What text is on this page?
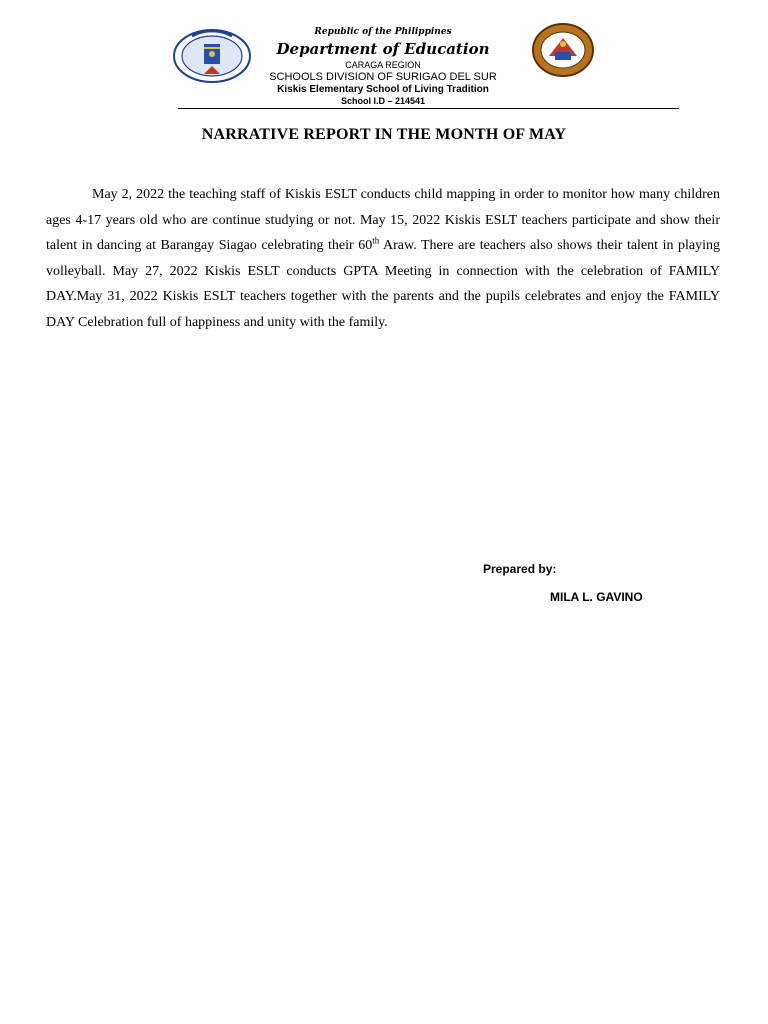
Republic of the Philippines
Department of Education
CARAGA REGION
SCHOOLS DIVISION OF SURIGAO DEL SUR
Kiskis Elementary School of Living Tradition
School I.D – 214541
NARRATIVE REPORT IN THE MONTH OF MAY

May 2, 2022 the teaching staff of Kiskis ESLT conducts child mapping in order to monitor how many children ages 4-17 years old who are continue studying or not. May 15, 2022 Kiskis ESLT teachers participate and show their talent in dancing at Barangay Siagao celebrating their 60th Araw. There are teachers also shows their talent in playing volleyball. May 27, 2022 Kiskis ESLT conducts GPTA Meeting in connection with the celebration of FAMILY DAY.May 31, 2022 Kiskis ESLT teachers together with the parents and the pupils celebrates and enjoy the FAMILY DAY Celebration full of happiness and unity with the family.

Prepared by:
MILA L. GAVINO
